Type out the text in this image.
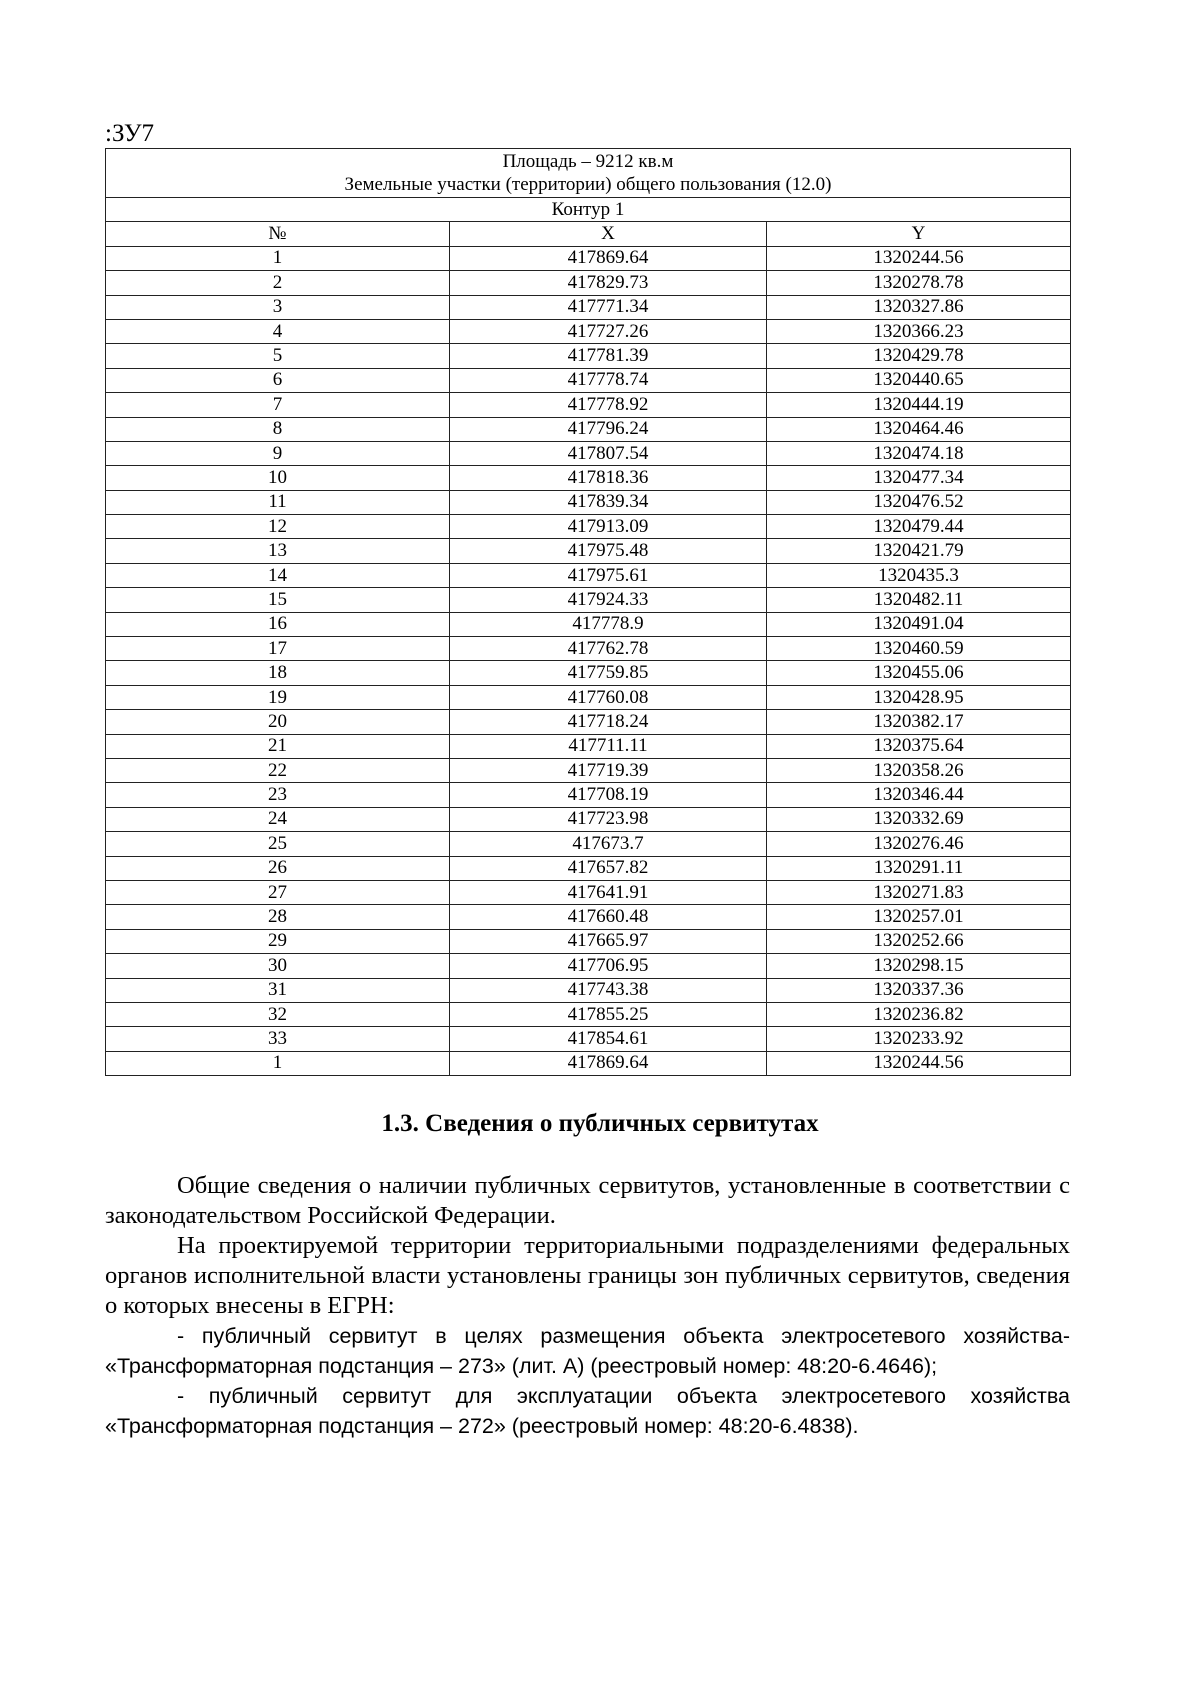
:ЗУ7
Площадь – 9212 кв.м
Земельные участки (территории) общего пользования (12.0)		

Контур 1		
№	X	Y
1	417869.64	1320244.56
2	417829.73	1320278.78
3	417771.34	1320327.86
4	417727.26	1320366.23
5	417781.39	1320429.78
6	417778.74	1320440.65
7	417778.92	1320444.19
8	417796.24	1320464.46
9	417807.54	1320474.18
10	417818.36	1320477.34
11	417839.34	1320476.52
12	417913.09	1320479.44
13	417975.48	1320421.79
14	417975.61	1320435.3
15	417924.33	1320482.11
16	417778.9	1320491.04
17	417762.78	1320460.59
18	417759.85	1320455.06
19	417760.08	1320428.95
20	417718.24	1320382.17
21	417711.11	1320375.64
22	417719.39	1320358.26
23	417708.19	1320346.44
24	417723.98	1320332.69
25	417673.7	1320276.46
26	417657.82	1320291.11
27	417641.91	1320271.83
28	417660.48	1320257.01
29	417665.97	1320252.66
30	417706.95	1320298.15
31	417743.38	1320337.36
32	417855.25	1320236.82
33	417854.61	1320233.92
1	417869.64	1320244.56
1.3. Сведения о публичных сервитутах

Общие сведения о наличии публичных сервитутов, установленные в соответствии с законодательством Российской Федерации.

На проектируемой территории территориальными подразделениями федеральных органов исполнительной власти установлены границы зон публичных сервитутов, сведения о которых внесены в ЕГРН:

- публичный сервитут в целях размещения объекта электросетевого хозяйства- «Трансформаторная подстанция – 273» (лит. А) (реестровый номер: 48:20-6.4646);

- публичный сервитут для эксплуатации объекта электросетевого хозяйства «Трансформаторная подстанция – 272» (реестровый номер: 48:20-6.4838).
